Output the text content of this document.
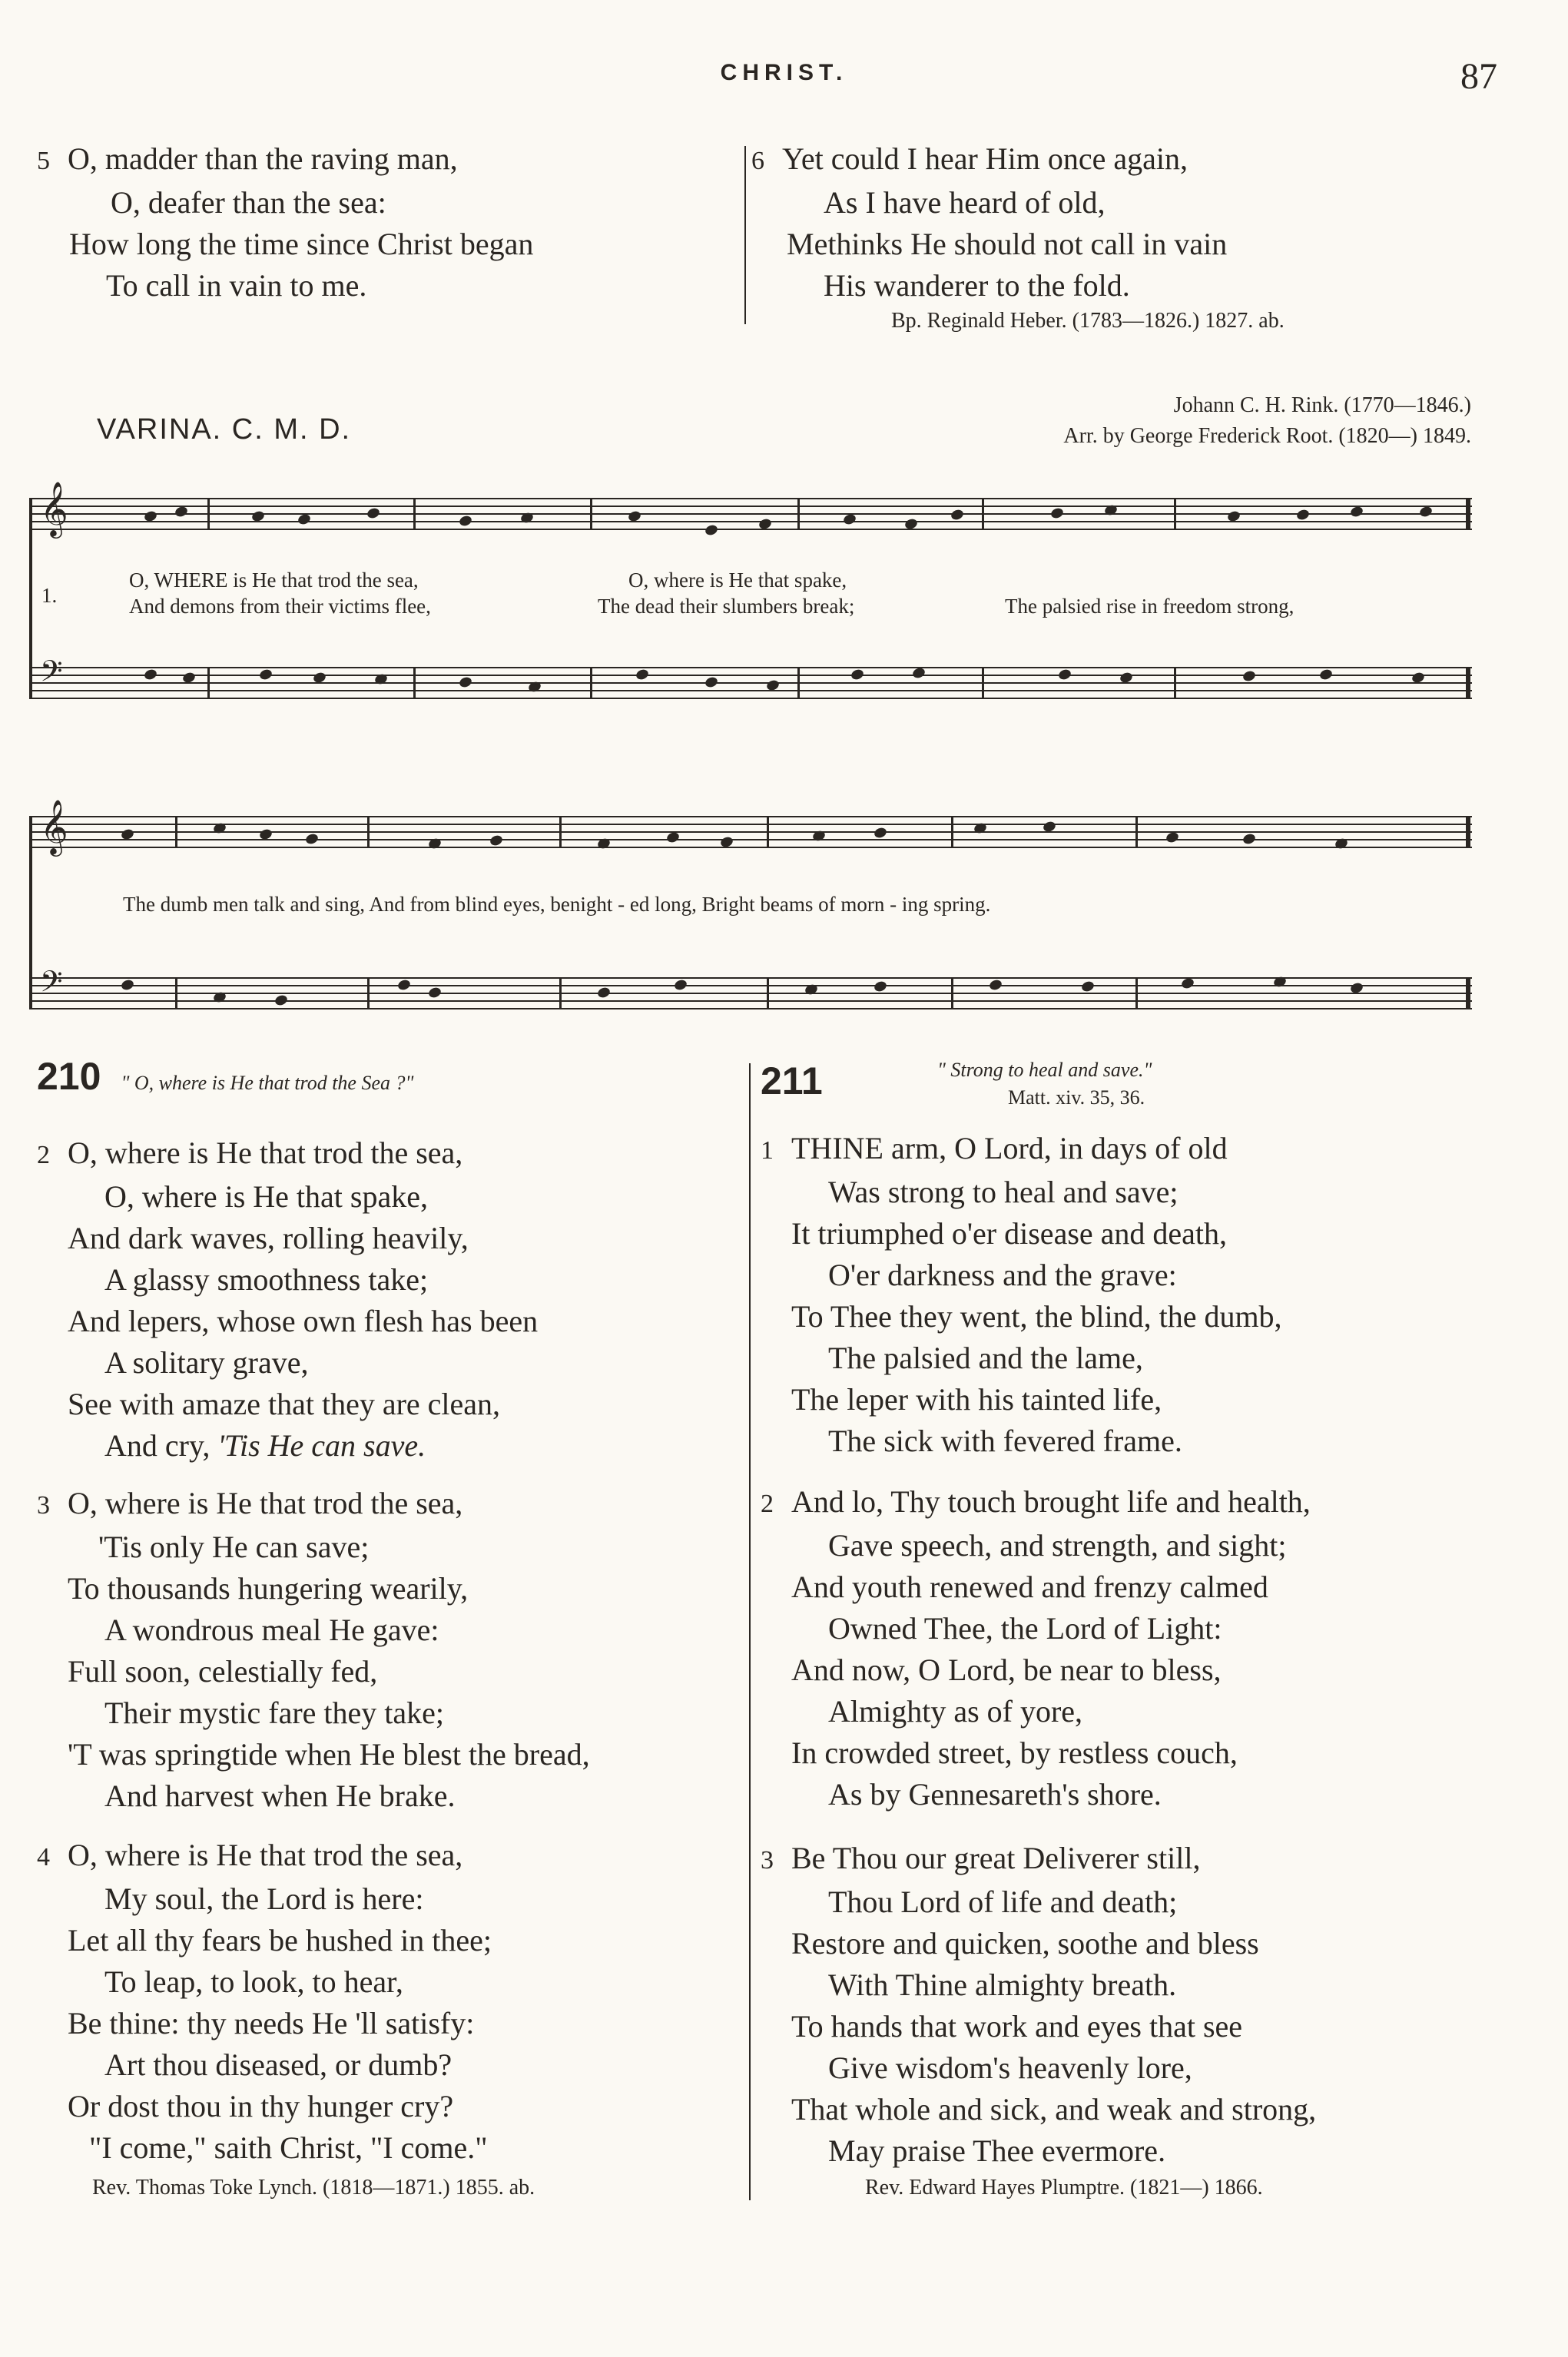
CHRIST.	87
5 O, madder than the raving man,
O, deafer than the sea:
How long the time since Christ began
To call in vain to me.
6 Yet could I hear Him once again,
As I have heard of old,
Methinks He should not call in vain
His wanderer to the fold.
Bp. Reginald Heber. (1783—1826.) 1827. ab.
VARINA. C. M. D.
Johann C. H. Rink. (1770—1846.)
Arr. by George Frederick Root. (1820—) 1849.
𝄞
𝄢
1.
O, WHERE is He that trod the sea,	O, where is He that spake,
And demons from their victims flee,	The dead their slumbers break;	The palsied rise in freedom strong,
𝄞
𝄢
The dumb men talk and sing, And from blind eyes, benight - ed long, Bright beams of morn - ing spring.
210 " O, where is He that trod the Sea ?"
2 O, where is He that trod the sea,
O, where is He that spake,
And dark waves, rolling heavily,
A glassy smoothness take;
And lepers, whose own flesh has been
A solitary grave,
See with amaze that they are clean,
And cry, 'Tis He can save.
3 O, where is He that trod the sea,
'Tis only He can save;
To thousands hungering wearily,
A wondrous meal He gave:
Full soon, celestially fed,
Their mystic fare they take;
'T was springtide when He blest the bread,
And harvest when He brake.
4 O, where is He that trod the sea,
My soul, the Lord is here:
Let all thy fears be hushed in thee;
To leap, to look, to hear,
Be thine: thy needs He 'll satisfy:
Art thou diseased, or dumb?
Or dost thou in thy hunger cry?
"I come," saith Christ, "I come."
Rev. Thomas Toke Lynch. (1818—1871.) 1855. ab.
211	" Strong to heal and save."
Matt. xiv. 35, 36.
1 THINE arm, O Lord, in days of old
Was strong to heal and save;
It triumphed o'er disease and death,
O'er darkness and the grave:
To Thee they went, the blind, the dumb,
The palsied and the lame,
The leper with his tainted life,
The sick with fevered frame.
2 And lo, Thy touch brought life and health,
Gave speech, and strength, and sight;
And youth renewed and frenzy calmed
Owned Thee, the Lord of Light:
And now, O Lord, be near to bless,
Almighty as of yore,
In crowded street, by restless couch,
As by Gennesareth's shore.
3 Be Thou our great Deliverer still,
Thou Lord of life and death;
Restore and quicken, soothe and bless
With Thine almighty breath.
To hands that work and eyes that see
Give wisdom's heavenly lore,
That whole and sick, and weak and strong,
May praise Thee evermore.
Rev. Edward Hayes Plumptre. (1821—) 1866.
